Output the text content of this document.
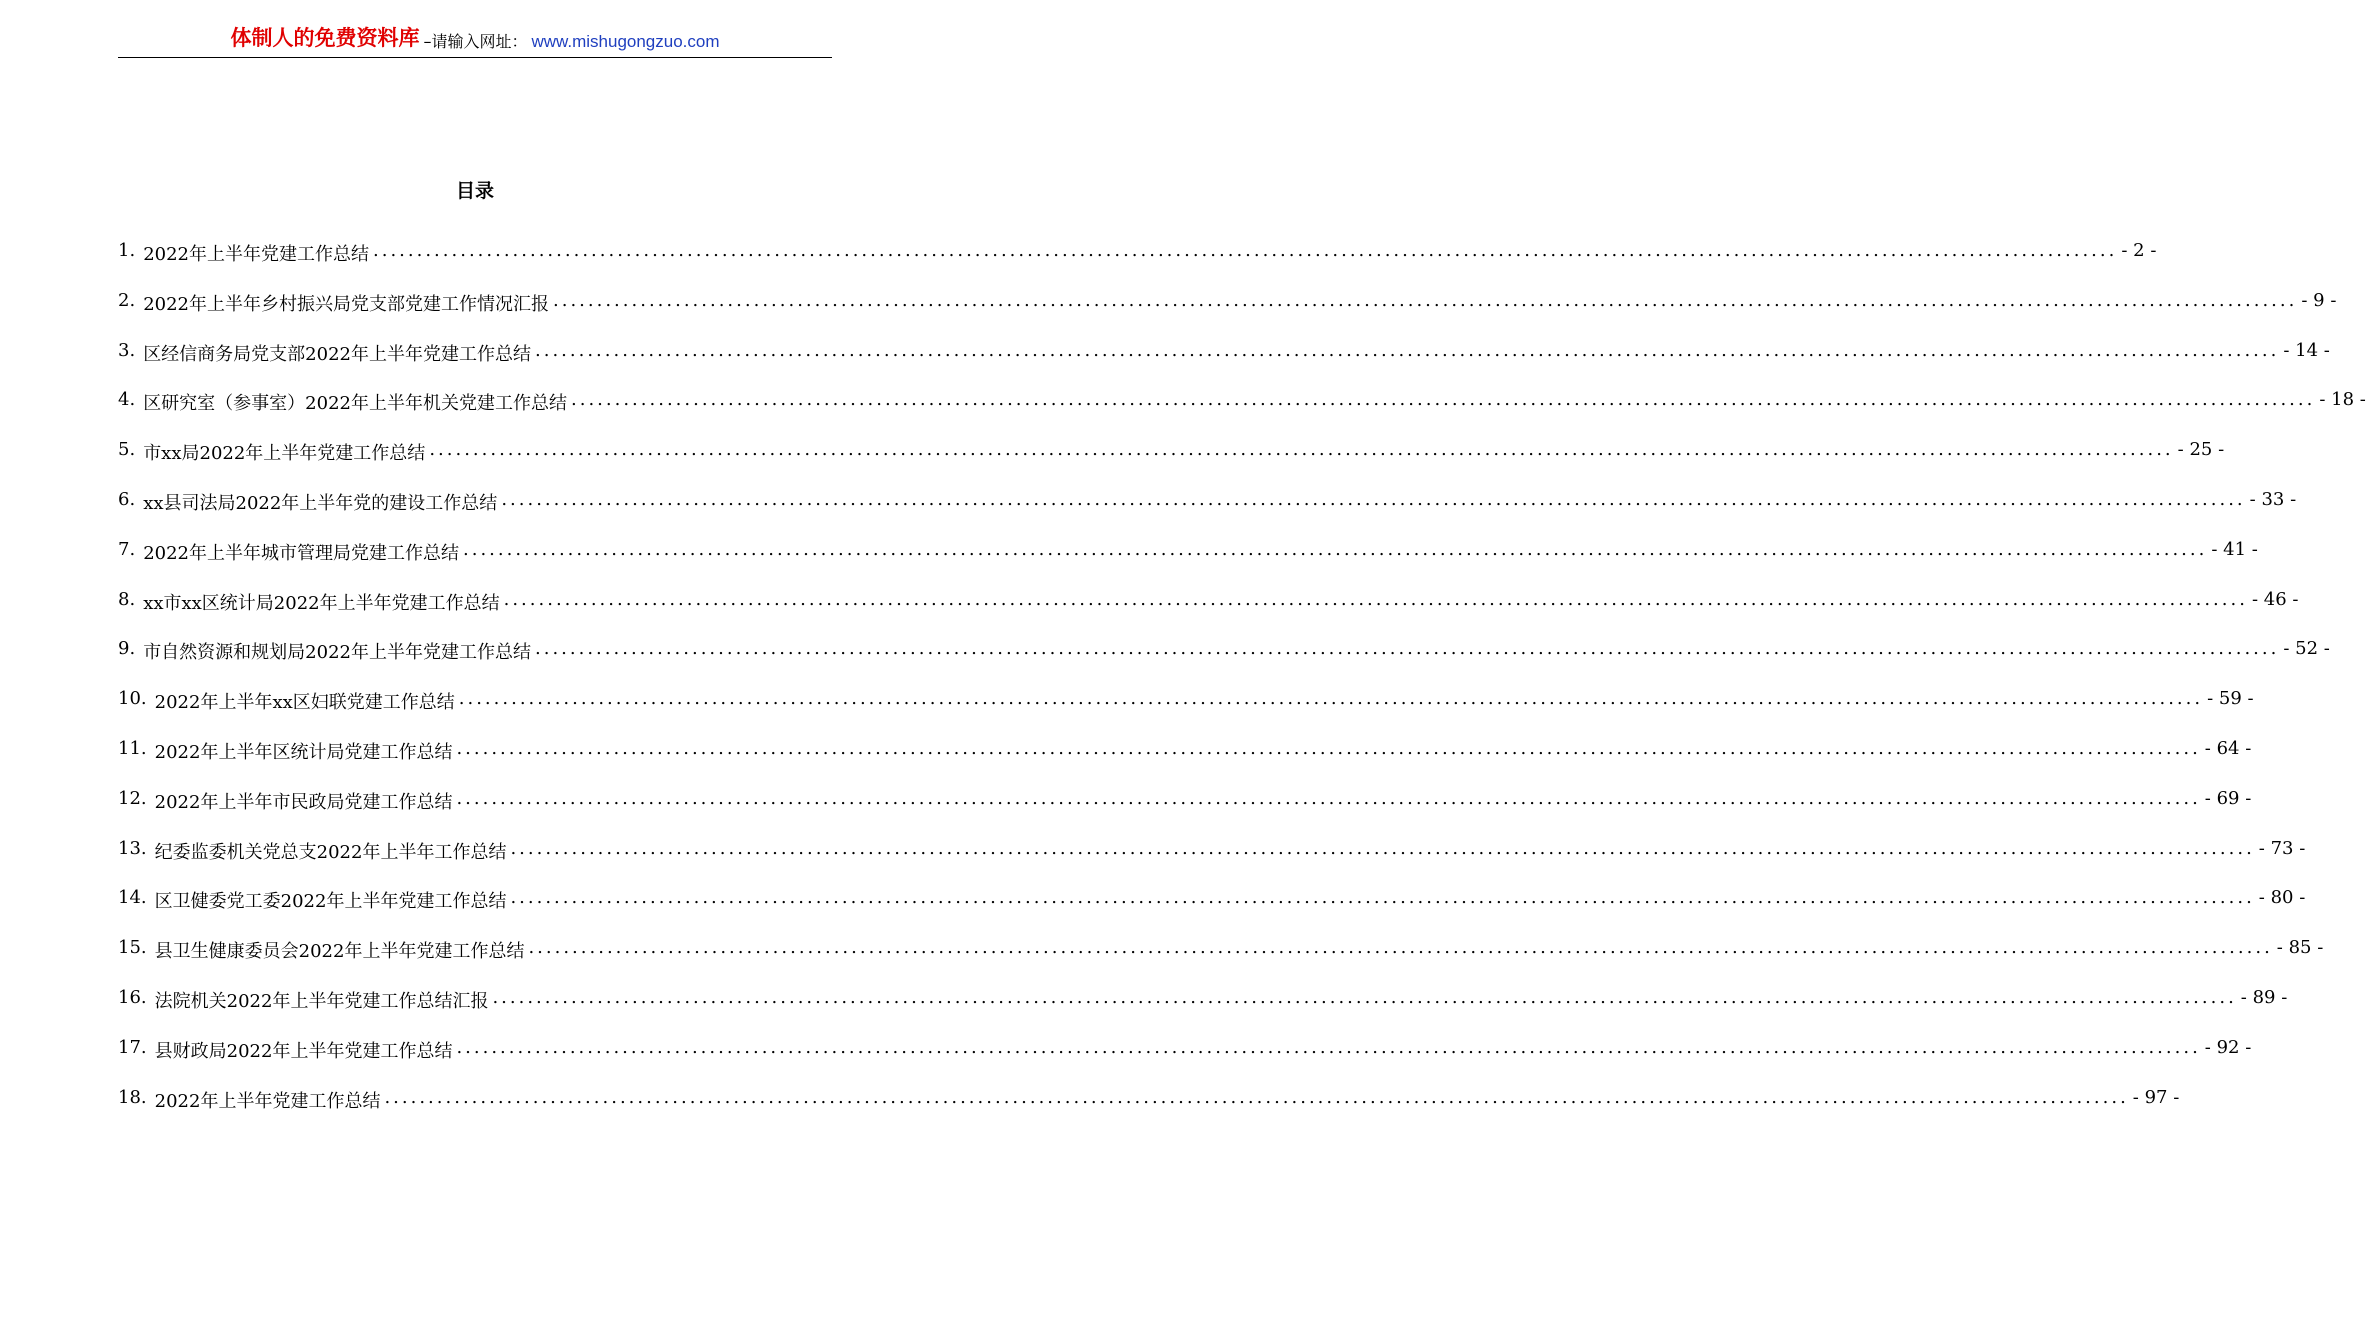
体制人的免费资料库 –请输入网址： www.mishugongzuo.com
目录
1. 2022年上半年党建工作总结 ........................................................................................................................................................................................................ - 2 -
2. 2022年上半年乡村振兴局党支部党建工作情况汇报 ........................................................................................................................................................................................................ - 9 -
3. 区经信商务局党支部2022年上半年党建工作总结 ........................................................................................................................................................................................................ - 14 -
4. 区研究室（参事室）2022年上半年机关党建工作总结 ........................................................................................................................................................................................................ - 18 -
5. 市xx局2022年上半年党建工作总结 ........................................................................................................................................................................................................ - 25 -
6. xx县司法局2022年上半年党的建设工作总结 ........................................................................................................................................................................................................ - 33 -
7. 2022年上半年城市管理局党建工作总结 ........................................................................................................................................................................................................ - 41 -
8. xx市xx区统计局2022年上半年党建工作总结 ........................................................................................................................................................................................................ - 46 -
9. 市自然资源和规划局2022年上半年党建工作总结 ........................................................................................................................................................................................................ - 52 -
10. 2022年上半年xx区妇联党建工作总结 ........................................................................................................................................................................................................ - 59 -
11. 2022年上半年区统计局党建工作总结 ........................................................................................................................................................................................................ - 64 -
12. 2022年上半年市民政局党建工作总结 ........................................................................................................................................................................................................ - 69 -
13. 纪委监委机关党总支2022年上半年工作总结 ........................................................................................................................................................................................................ - 73 -
14. 区卫健委党工委2022年上半年党建工作总结 ........................................................................................................................................................................................................ - 80 -
15. 县卫生健康委员会2022年上半年党建工作总结 ........................................................................................................................................................................................................ - 85 -
16. 法院机关2022年上半年党建工作总结汇报 ........................................................................................................................................................................................................ - 89 -
17. 县财政局2022年上半年党建工作总结 ........................................................................................................................................................................................................ - 92 -
18. 2022年上半年党建工作总结 ........................................................................................................................................................................................................ - 97 -
